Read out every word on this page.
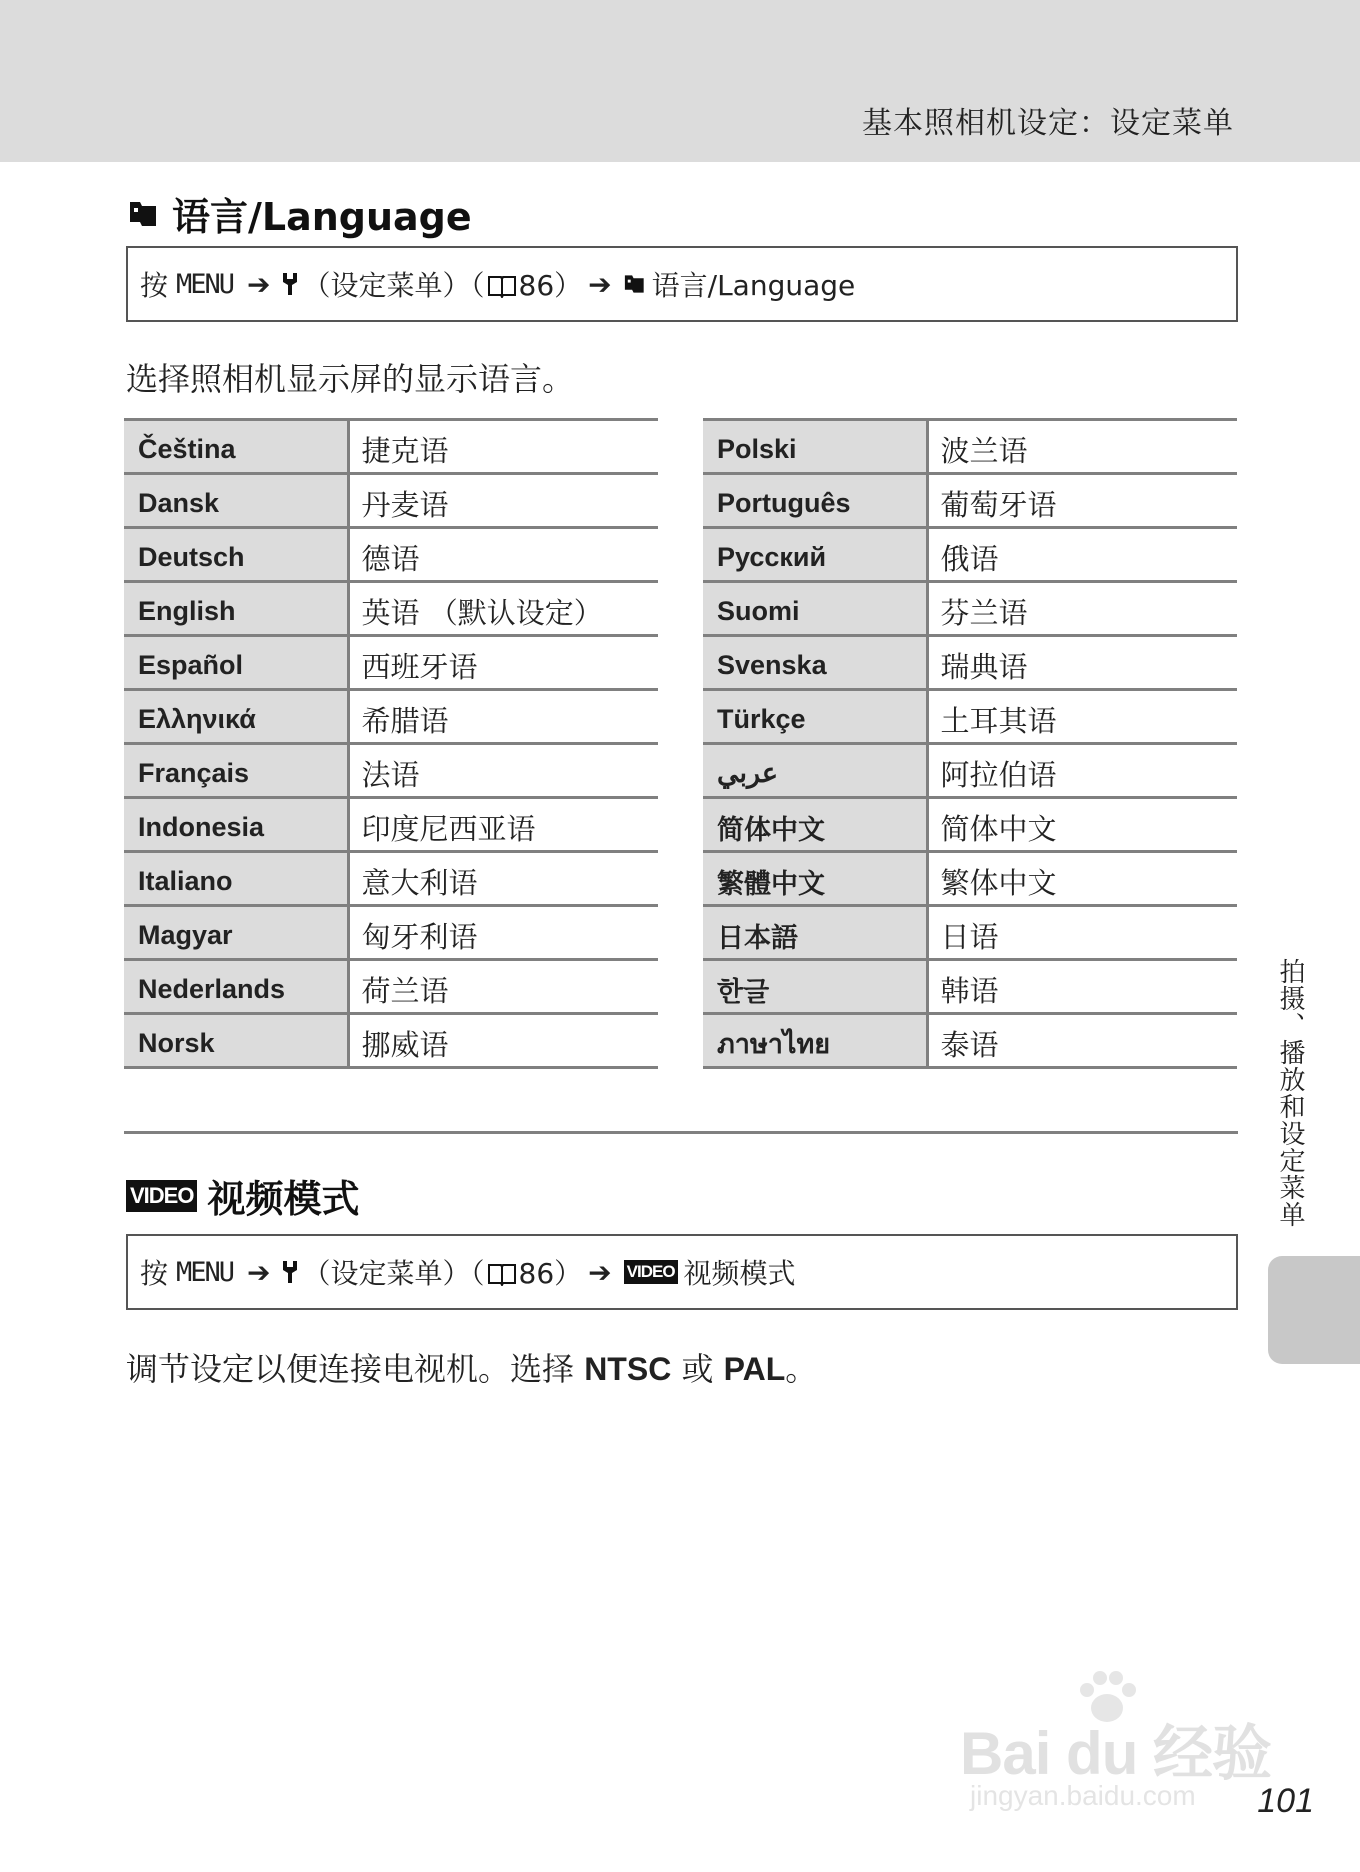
基本照相机设定：设定菜单
语言/Language
按 MENU ➔ （设定菜单）（ 86） ➔ 语言/Language
选择照相机显示屏的显示语言。
Čeština	捷克语
Dansk	丹麦语
Deutsch	德语
English	英语 （默认设定）
Español	西班牙语
Ελληνικά	希腊语
Français	法语
Indonesia	印度尼西亚语
Italiano	意大利语
Magyar	匈牙利语
Nederlands	荷兰语
Norsk	挪威语
Polski	波兰语
Português	葡萄牙语
Русский	俄语
Suomi	芬兰语
Svenska	瑞典语
Türkçe	土耳其语
عربي	阿拉伯语
简体中文	简体中文
繁體中文	繁体中文
日本語	日语
한글	韩语
ภาษาไทย	泰语
VIDEO 视频模式
按 MENU ➔ （设定菜单）（ 86） ➔ VIDEO 视频模式
调节设定以便连接电视机。选择 NTSC 或 PAL。
拍摄、播放和设定菜单
Bai du 经验
jingyan.baidu.com 101
